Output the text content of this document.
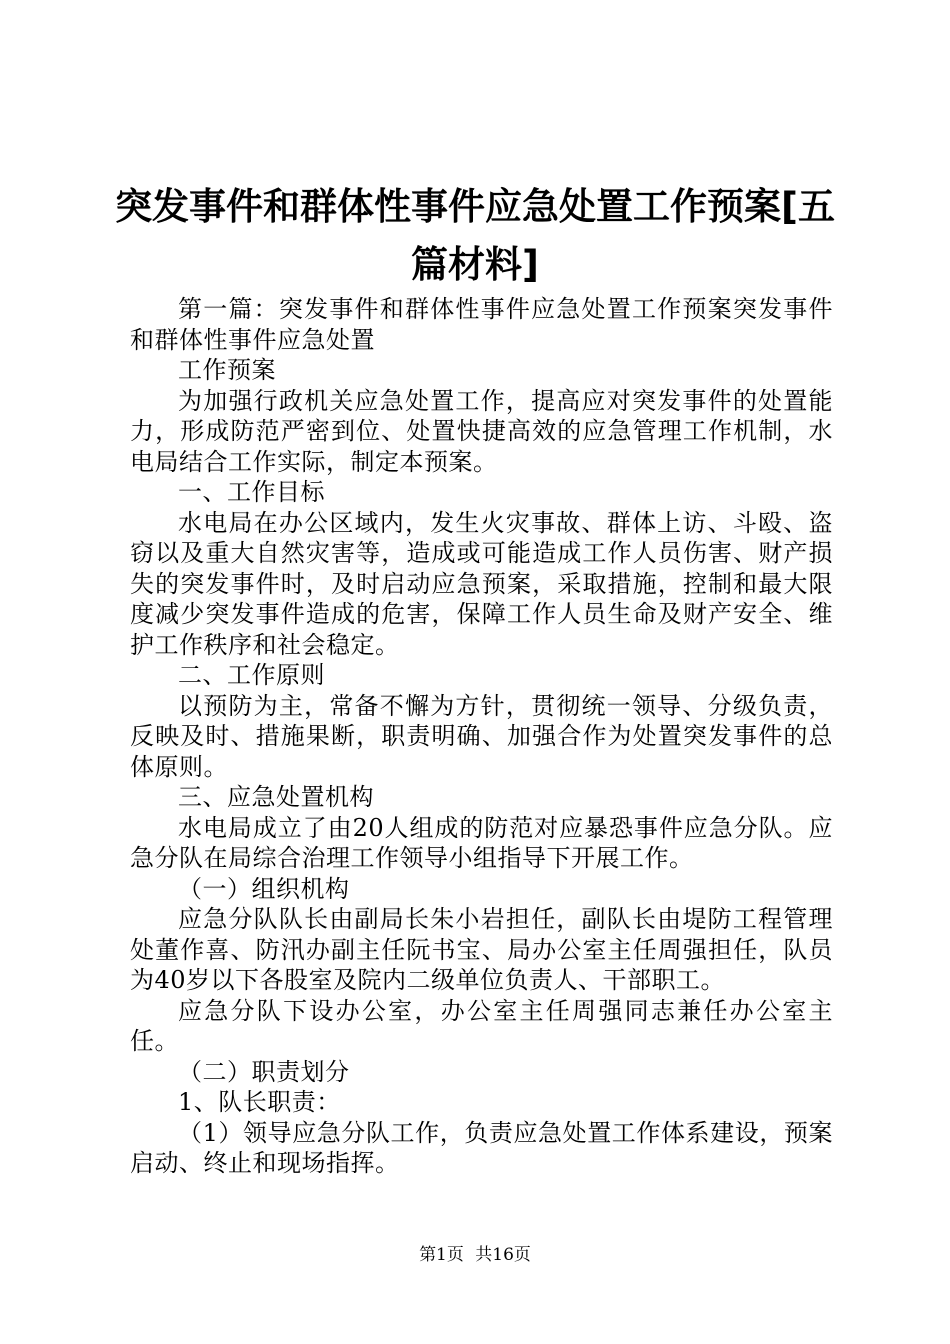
突发事件和群体性事件应急处置工作预案[五篇材料]

第一篇：突发事件和群体性事件应急处置工作预案突发事件和群体性事件应急处置

工作预案

为加强行政机关应急处置工作，提高应对突发事件的处置能力，形成防范严密到位、处置快捷高效的应急管理工作机制，水电局结合工作实际，制定本预案。

一、工作目标

水电局在办公区域内，发生火灾事故、群体上访、斗殴、盗窃以及重大自然灾害等，造成或可能造成工作人员伤害、财产损失的突发事件时，及时启动应急预案，采取措施，控制和最大限度减少突发事件造成的危害，保障工作人员生命及财产安全、维护工作秩序和社会稳定。

二、工作原则

以预防为主，常备不懈为方针，贯彻统一领导、分级负责，反映及时、措施果断，职责明确、加强合作为处置突发事件的总体原则。

三、应急处置机构

水电局成立了由20人组成的防范对应暴恐事件应急分队。应急分队在局综合治理工作领导小组指导下开展工作。

（一）组织机构

应急分队队长由副局长朱小岩担任，副队长由堤防工程管理处董作喜、防汛办副主任阮书宝、局办公室主任周强担任，队员为40岁以下各股室及院内二级单位负责人、干部职工。

应急分队下设办公室，办公室主任周强同志兼任办公室主任。

（二）职责划分

1、队长职责：

（1）领导应急分队工作，负责应急处置工作体系建设，预案启动、终止和现场指挥。

第1页 共16页
